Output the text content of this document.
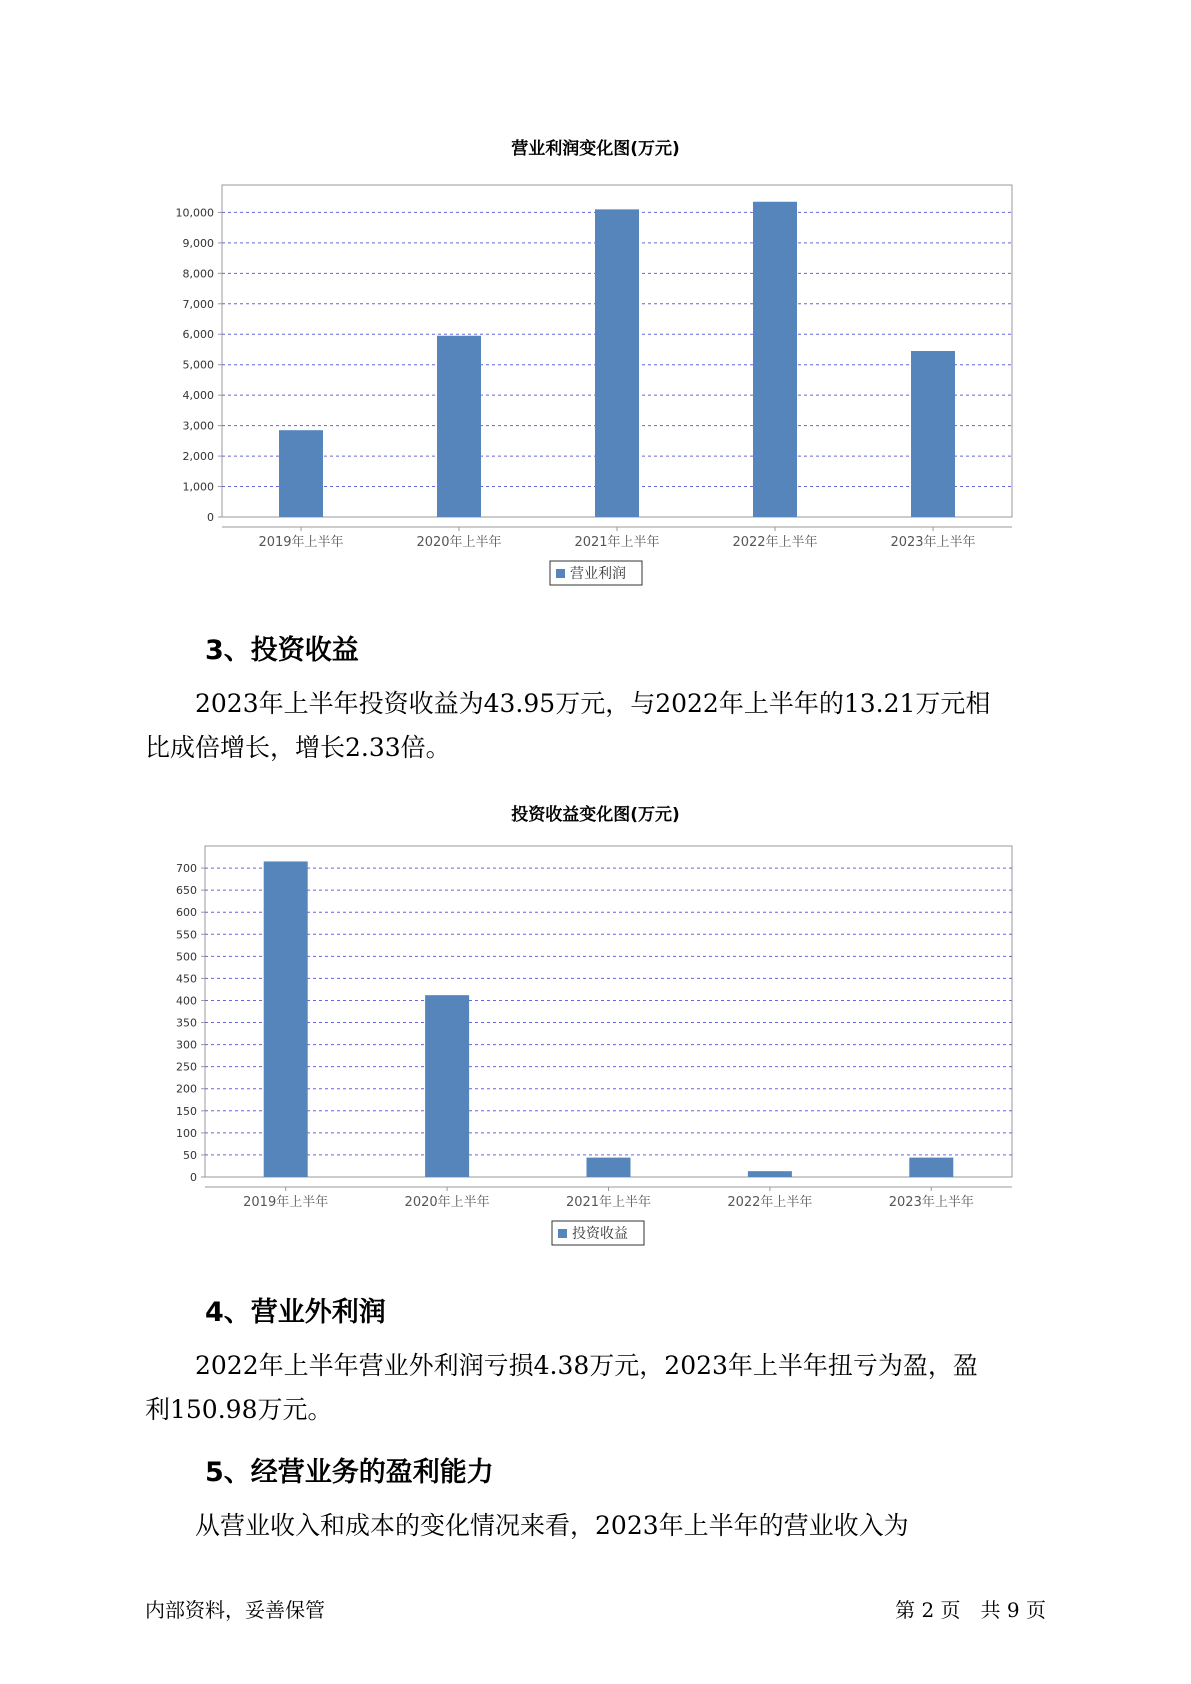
营业利润变化图(万元)
0
1,000
2,000
3,000
4,000
5,000
6,000
7,000
8,000
9,000
10,000
2019年上半年	2020年上半年	2021年上半年	2022年上半年	2023年上半年
营业利润
3、投资收益
2023年上半年投资收益为43.95万元，与2022年上半年的13.21万元相
比成倍增长，增长2.33倍。
投资收益变化图(万元)
0
50
100
150
200
250
300
350
400
450
500
550
600
650
700
2019年上半年	2020年上半年	2021年上半年	2022年上半年	2023年上半年
投资收益
4、营业外利润
2022年上半年营业外利润亏损4.38万元，2023年上半年扭亏为盈，盈
利150.98万元。
5、经营业务的盈利能力
从营业收入和成本的变化情况来看，2023年上半年的营业收入为
内部资料，妥善保管	第 2 页　共 9 页
